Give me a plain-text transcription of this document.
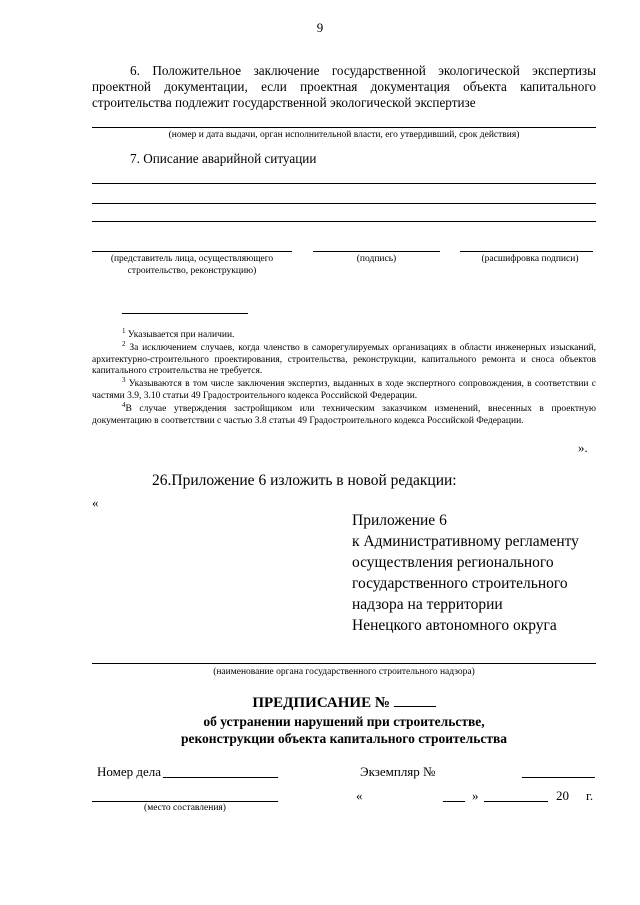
9
6. Положительное заключение государственной экологической экспертизы
проектной документации, если проектная документация объекта капитального
строительства подлежит государственной экологической экспертизе
(номер и дата выдачи, орган исполнительной власти, его утвердивший, срок действия)
7. Описание аварийной ситуации
(представитель лица, осуществляющего строительство, реконструкцию)
(подпись)	(расшифровка подписи)
$^1$ Указывается при наличии.
$^2$ За исключением случаев, когда членство в саморегулируемых организациях в области инженерных изысканий, архитектурно-строительного проектирования, строительства, реконструкции, капитального ремонта и сноса объектов капитального строительства не требуется.
$^3$ Указываются в том числе заключения экспертиз, выданных в ходе экспертного сопровождения, в соответствии с частями 3.9, 3.10 статьи 49 Градостроительного кодекса Российской Федерации.
$^4$В случае утверждения застройщиком или техническим заказчиком изменений, внесенных в проектную документацию в соответствии с частью 3.8 статьи 49 Градостроительного кодекса Российской Федерации.
».
26.Приложение 6 изложить в новой редакции:
«
Приложение 6
к Административному регламенту
осуществления регионального
государственного строительного
надзора на территории
Ненецкого автономного округа
(наименование органа государственного строительного надзора)
ПРЕДПИСАНИЕ №
об устранении нарушений при строительстве,
реконструкции объекта капитального строительства
Номер дела	Экземпляр №
(место составления)
«	»	20 г.
